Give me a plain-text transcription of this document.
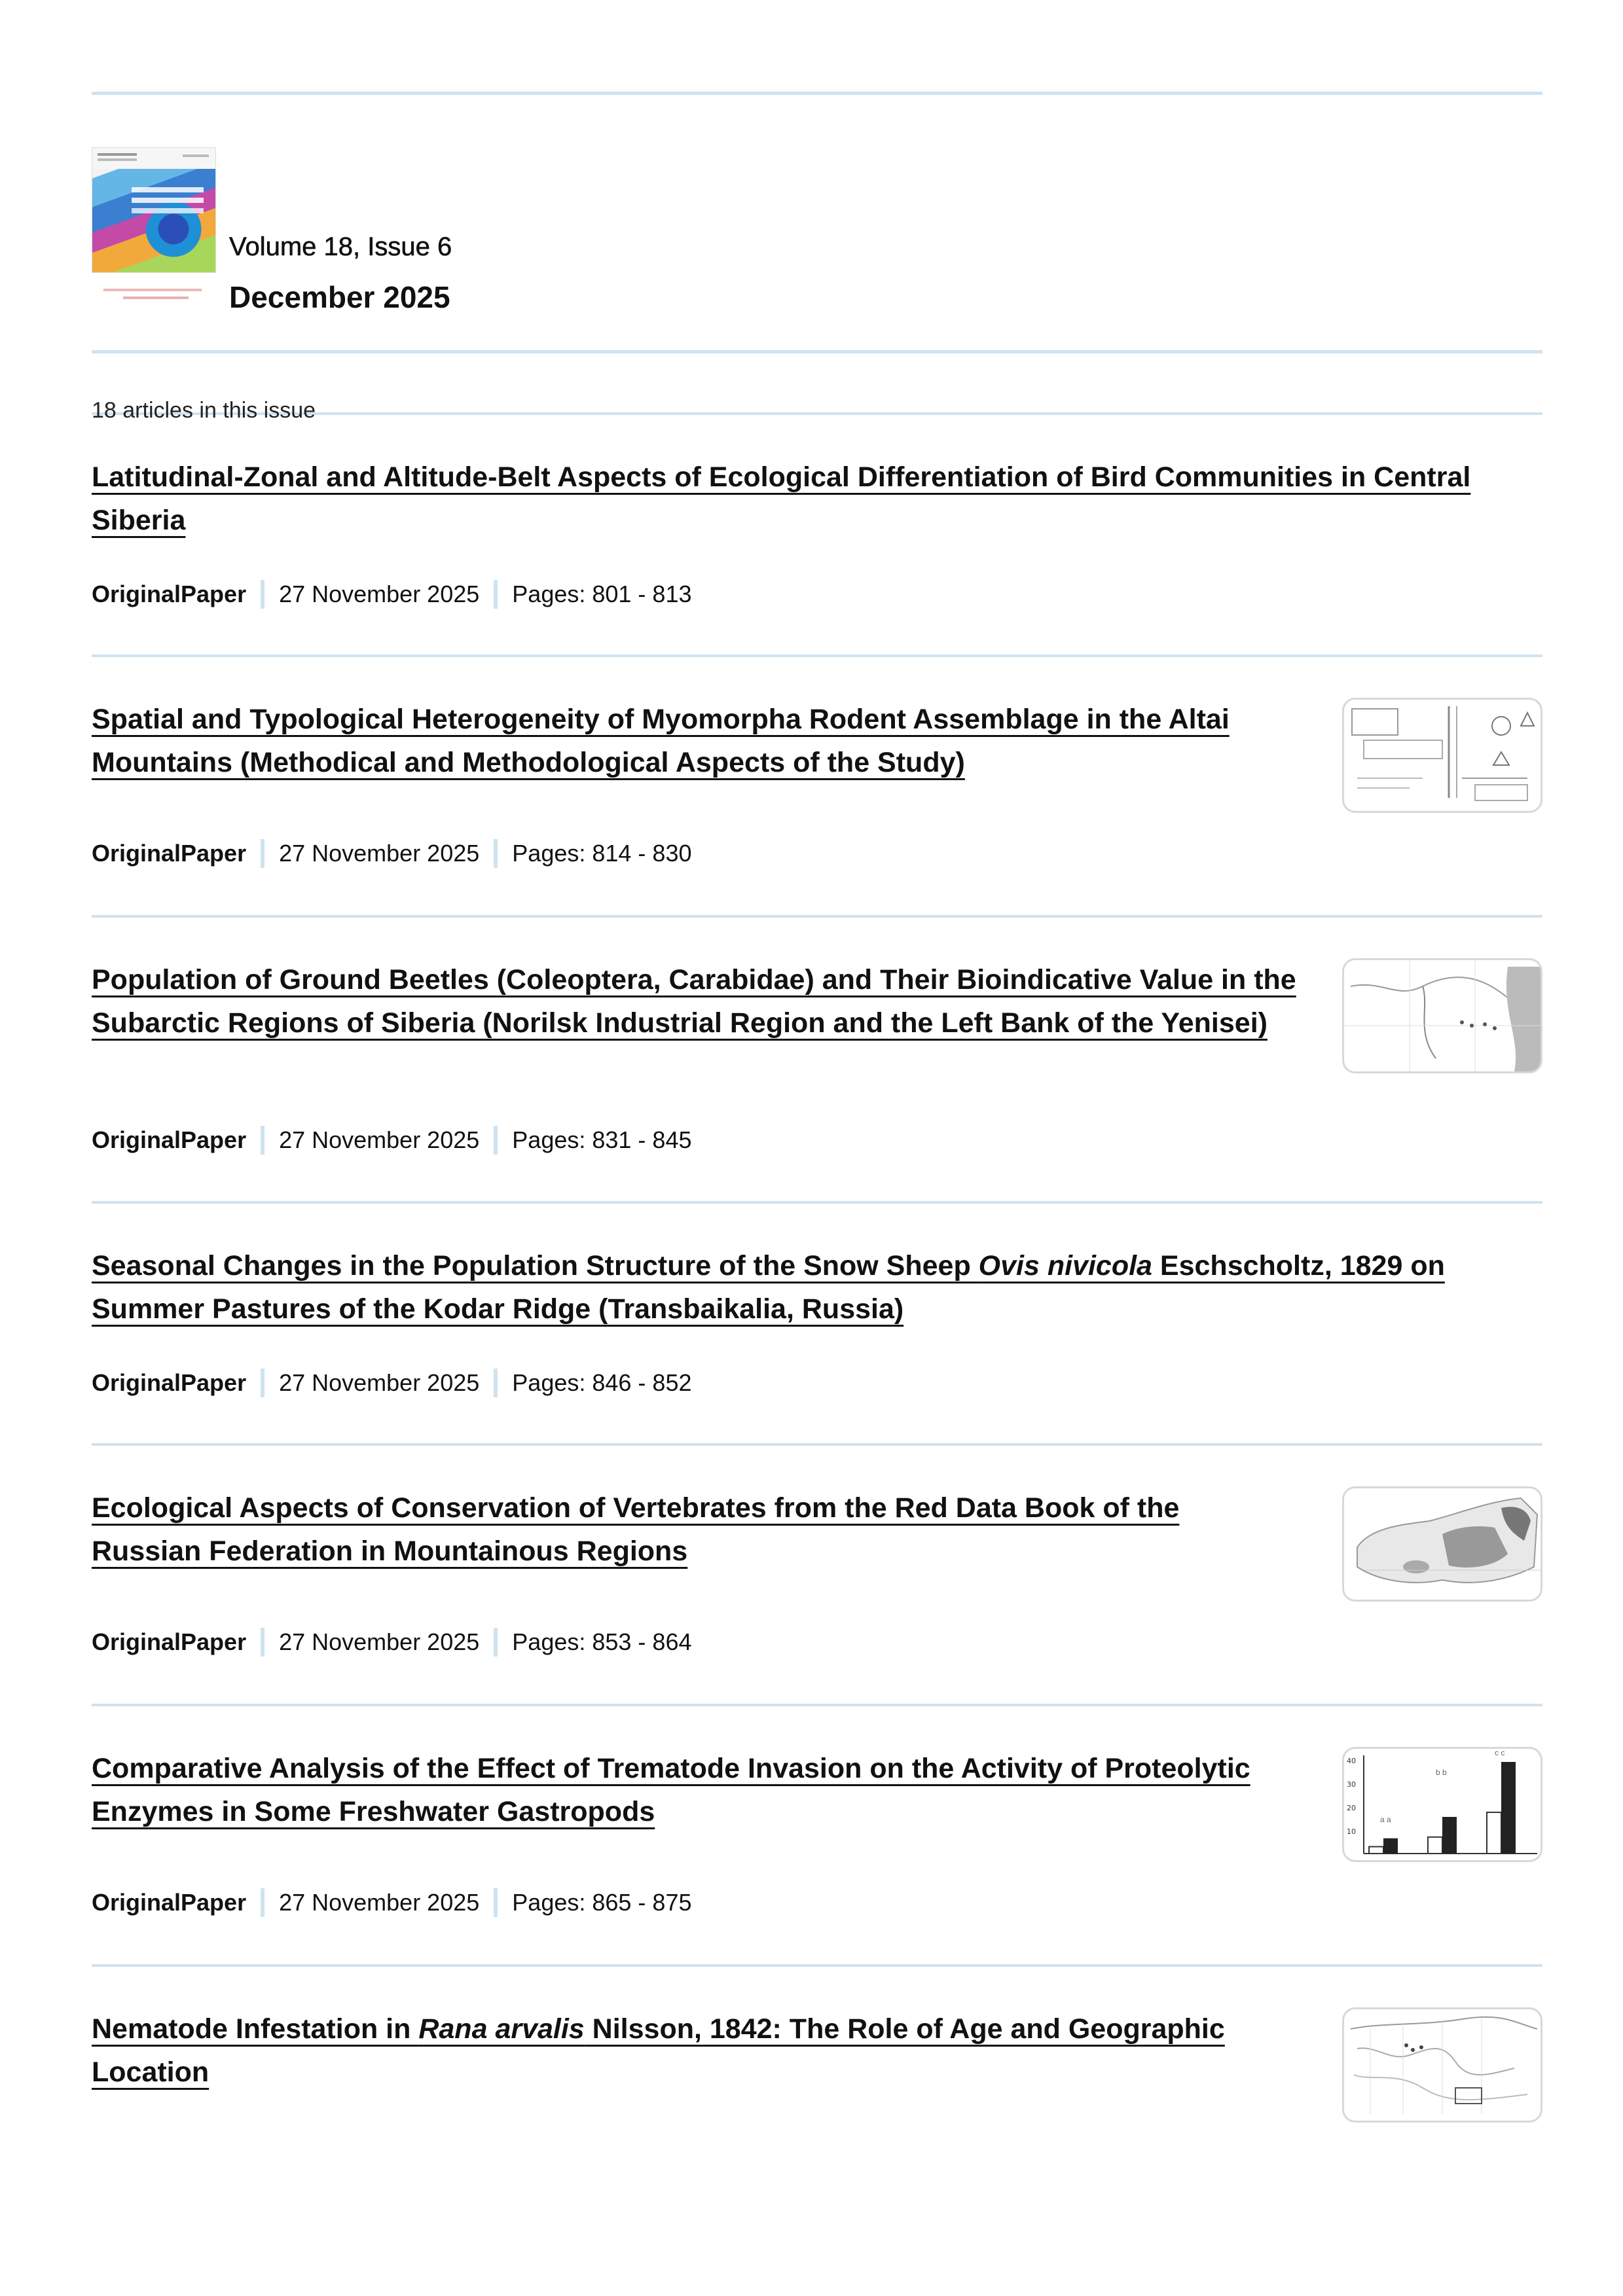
Volume 18, Issue 6
December 2025
18 articles in this issue
Latitudinal-Zonal and Altitude-Belt Aspects of Ecological Differentiation of Bird Communities in Central Siberia
OriginalPaper 27 November 2025 Pages: 801 - 813
Spatial and Typological Heterogeneity of Myomorpha Rodent Assemblage in the Altai Mountains (Methodical and Methodological Aspects of the Study)
OriginalPaper 27 November 2025 Pages: 814 - 830
Population of Ground Beetles (Coleoptera, Carabidae) and Their Bioindicative Value in the Subarctic Regions of Siberia (Norilsk Industrial Region and the Left Bank of the Yenisei)
OriginalPaper 27 November 2025 Pages: 831 - 845
Seasonal Changes in the Population Structure of the Snow Sheep Ovis nivicola Eschscholtz, 1829 on Summer Pastures of the Kodar Ridge (Transbaikalia, Russia)
OriginalPaper 27 November 2025 Pages: 846 - 852
Ecological Aspects of Conservation of Vertebrates from the Red Data Book of the Russian Federation in Mountainous Regions
OriginalPaper 27 November 2025 Pages: 853 - 864
Comparative Analysis of the Effect of Trematode Invasion on the Activity of Proteolytic Enzymes in Some Freshwater Gastropods
40
30
20
10
a a
b b
c c
OriginalPaper 27 November 2025 Pages: 865 - 875
Nematode Infestation in Rana arvalis Nilsson, 1842: The Role of Age and Geographic Location
